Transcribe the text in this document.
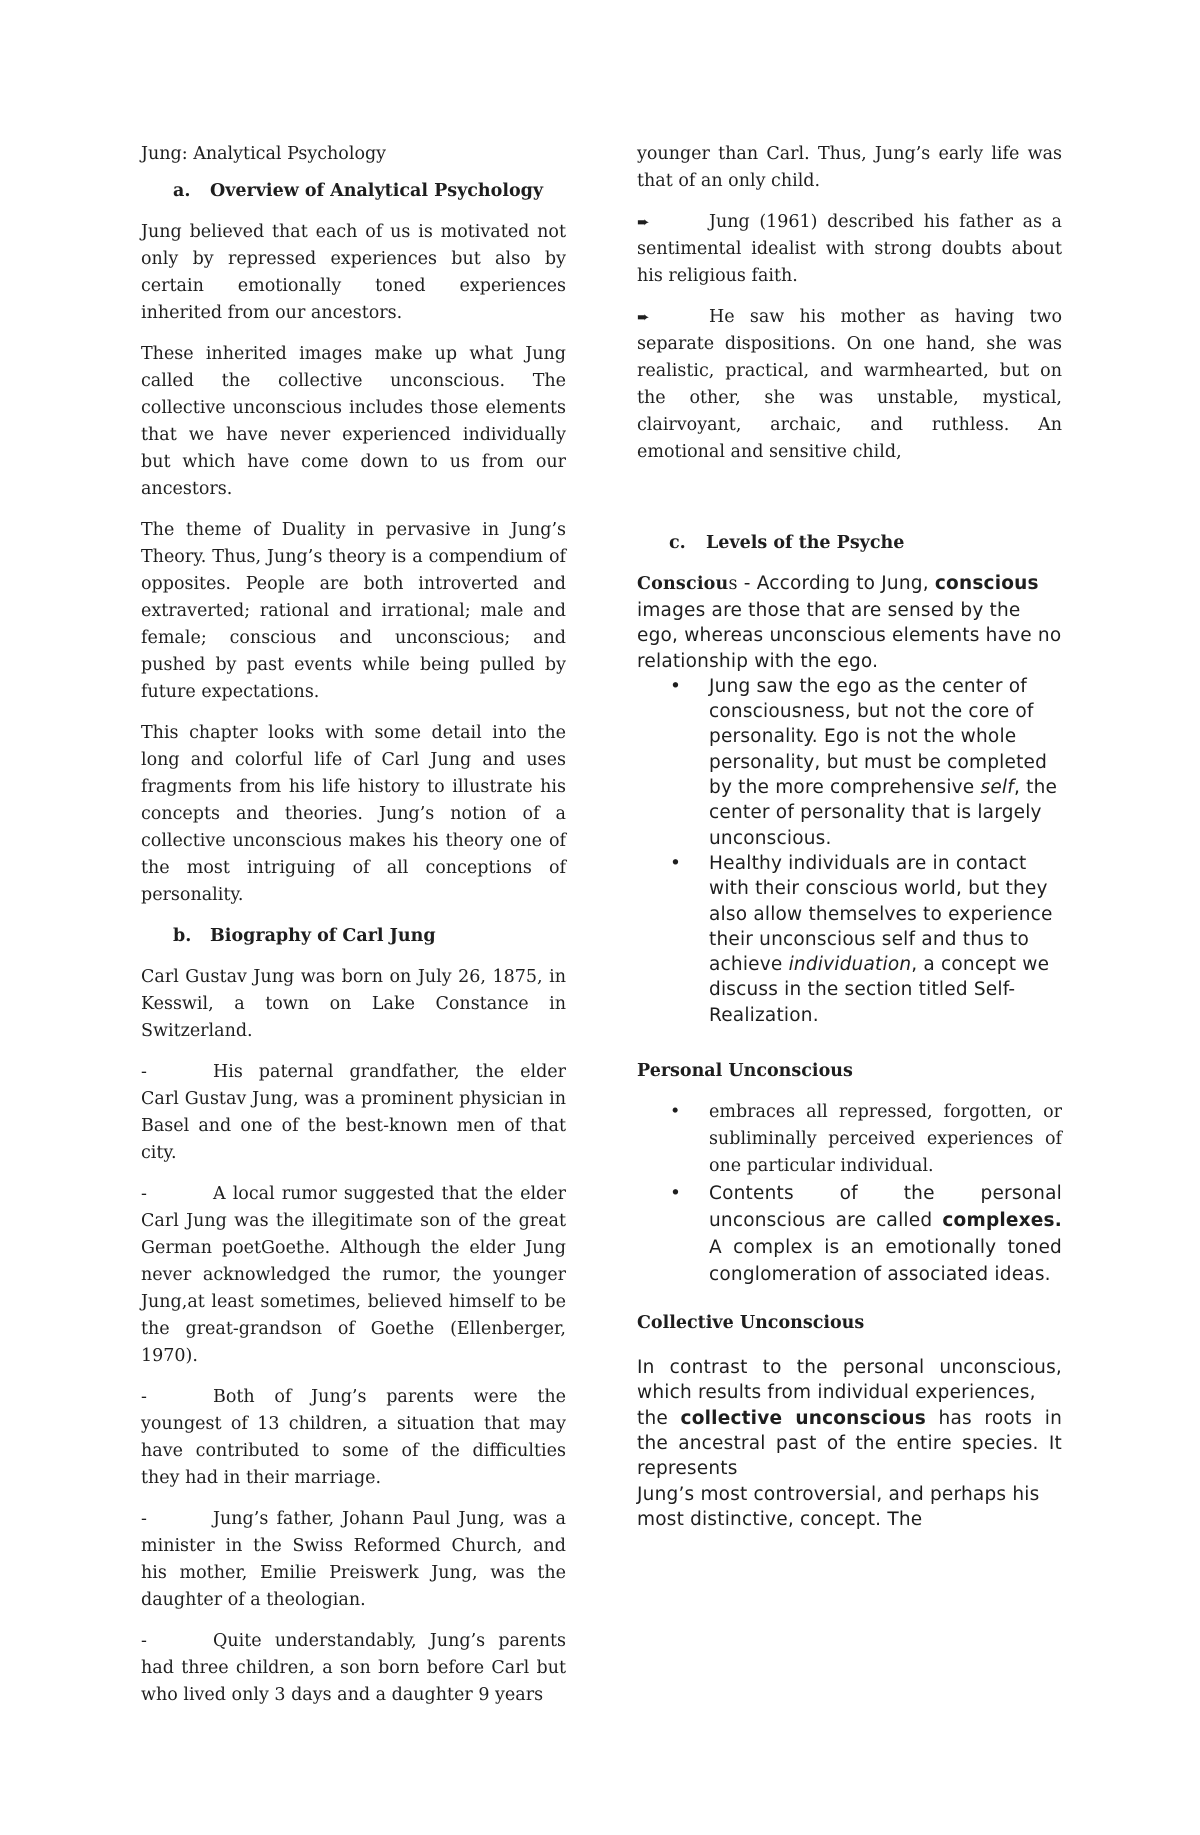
Jung: Analytical Psychology

a.	Overview of Analytical Psychology

Jung believed that each of us is motivated not only by repressed experiences but also by certain emotionally toned experiences inherited from our ancestors.

These inherited images make up what Jung called the collective unconscious. The collective unconscious includes those elements that we have never experienced individually but which have come down to us from our ancestors.

The theme of Duality in pervasive in Jung’s Theory. Thus, Jung’s theory is a compendium of opposites. People are both introverted and extraverted; rational and irrational; male and female; conscious and unconscious; and pushed by past events while being pulled by future expectations.

This chapter looks with some detail into the long and colorful life of Carl Jung and uses fragments from his life history to illustrate his concepts and theories. Jung’s notion of a collective unconscious makes his theory one of the most intriguing of all conceptions of personality.

b.	Biography of Carl Jung

Carl Gustav Jung was born on July 26, 1875, in Kesswil, a town on Lake Constance in Switzerland.

-	His paternal grandfather, the elder Carl Gustav Jung, was a prominent physician in Basel and one of the best-known men of that city.

-	A local rumor suggested that the elder Carl Jung was the illegitimate son of the great German poetGoethe. Although the elder Jung never acknowledged the rumor, the younger Jung,at least sometimes, believed himself to be the great-grandson of Goethe (Ellenberger, 1970).

-	Both of Jung’s parents were the youngest of 13 children, a situation that may have contributed to some of the difficulties they had in their marriage.

-	Jung’s father, Johann Paul Jung, was a minister in the Swiss Reformed Church, and his mother, Emilie Preiswerk Jung, was the daughter of a theologian.

-	Quite understandably, Jung’s parents had three children, a son born before Carl but who lived only 3 days and a daughter 9 years

younger than Carl. Thus, Jung’s early life was that of an only child.

➨	Jung (1961) described his father as a sentimental idealist with strong doubts about his religious faith.

➨	He saw his mother as having two separate dispositions. On one hand, she was realistic, practical, and warmhearted, but on the other, she was unstable, mystical, clairvoyant, archaic, and ruthless. An emotional and sensitive child,

c.	Levels of the Psyche

Conscious - According to Jung, conscious images are those that are sensed by the ego, whereas unconscious elements have no relationship with the ego.

• Jung saw the ego as the center of consciousness, but not the core of personality. Ego is not the whole personality, but must be completed by the more comprehensive self, the center of personality that is largely unconscious.
• Healthy individuals are in contact with their conscious world, but they also allow themselves to experience their unconscious self and thus to achieve individuation, a concept we discuss in the section titled Self-Realization.

Personal Unconscious

• embraces all repressed, forgotten, or subliminally perceived experiences of one particular individual.
• Contents of the personal unconscious are called complexes. A complex is an emotionally toned conglomeration of associated ideas.

Collective Unconscious

In contrast to the personal unconscious, which results from individual experiences,

the collective unconscious has roots in the ancestral past of the entire species. It represents

Jung’s most controversial, and perhaps his most distinctive, concept. The
